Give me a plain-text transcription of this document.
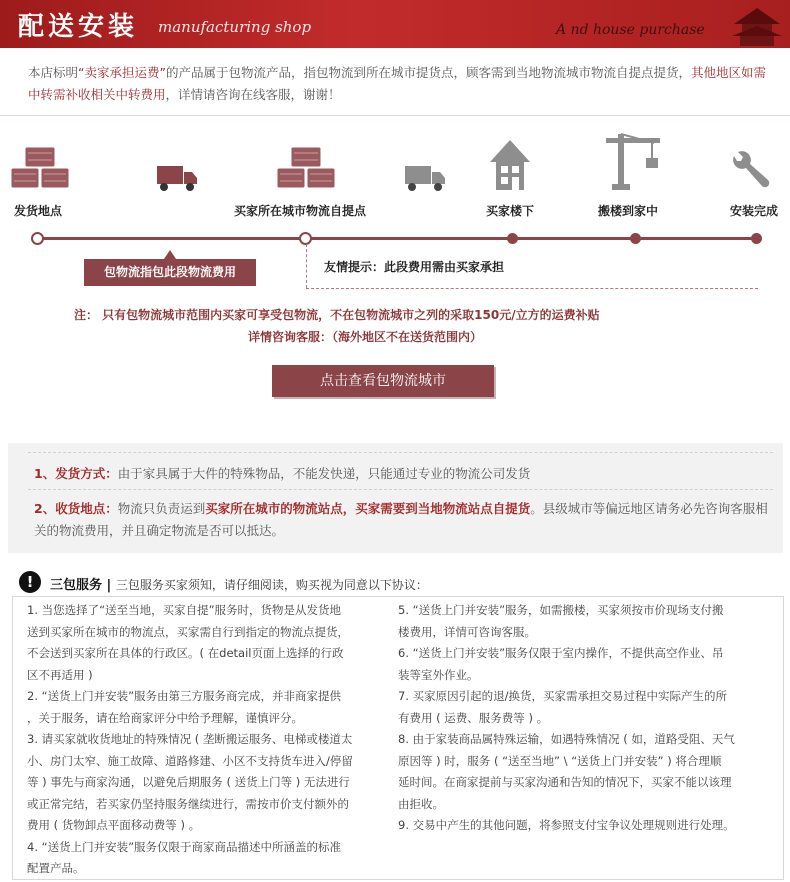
配送安装 manufacturing shop	A nd house purchase
本店标明“卖家承担运费”的产品属于包物流产品，指包物流到所在城市提货点，顾客需到当地物流城市物流自提点提货，其他地区如需中转需补收相关中转费用，详情请咨询在线客服，谢谢！
发货地点	买家所在城市物流自提点	买家楼下	搬楼到家中	安装完成
包物流指包此段物流费用	友情提示：此段费用需由买家承担
注： 只有包物流城市范围内买家可享受包物流，不在包物流城市之列的采取150元/立方的运费补贴
详情咨询客服：（海外地区不在送货范围内）
点击查看包物流城市
1、发货方式：由于家具属于大件的特殊物品，不能发快递，只能通过专业的物流公司发货
2、收货地点：物流只负责运到买家所在城市的物流站点，买家需要到当地物流站点自提货。县级城市等偏远地区请务必先咨询客服相关的物流费用，并且确定物流是否可以抵达。
!	三包服务 | 三包服务买家须知，请仔细阅读，购买视为同意以下协议：

1. 当您选择了“送至当地，买家自提”服务时，货物是从发货地

送到买家所在城市的物流点，买家需自行到指定的物流点提货，

不会送到买家所在具体的行政区。( 在detail页面上选择的行政

区不再适用 )

2. “送货上门并安装”服务由第三方服务商完成，并非商家提供

，关于服务，请在给商家评分中给予理解，谨慎评分。

3. 请买家就收货地址的特殊情况 ( 垄断搬运服务、电梯或楼道太

小、房门太窄、施工故障、道路修建、小区不支持货车进入/停留

等 ) 事先与商家沟通，以避免后期服务 ( 送货上门等 ) 无法进行

或正常完结，若买家仍坚持服务继续进行，需按市价支付额外的

费用 ( 货物卸点平面移动费等 ) 。

4. “送货上门并安装”服务仅限于商家商品描述中所涵盖的标准

配置产品。

5. “送货上门并安装”服务，如需搬楼，买家须按市价现场支付搬

楼费用，详情可咨询客服。

6. “送货上门并安装”服务仅限于室内操作，不提供高空作业、吊

装等室外作业。

7. 买家原因引起的退/换货，买家需承担交易过程中实际产生的所

有费用 ( 运费、服务费等 ) 。

8. 由于家装商品属特殊运输，如遇特殊情况 ( 如，道路受阻、天气

原因等 ) 时，服务 ( “送至当地” \ “送货上门并安装” ) 将合理顺

延时间。在商家提前与买家沟通和告知的情况下，买家不能以该理

由拒收。

9. 交易中产生的其他问题，将参照支付宝争议处理规则进行处理。
